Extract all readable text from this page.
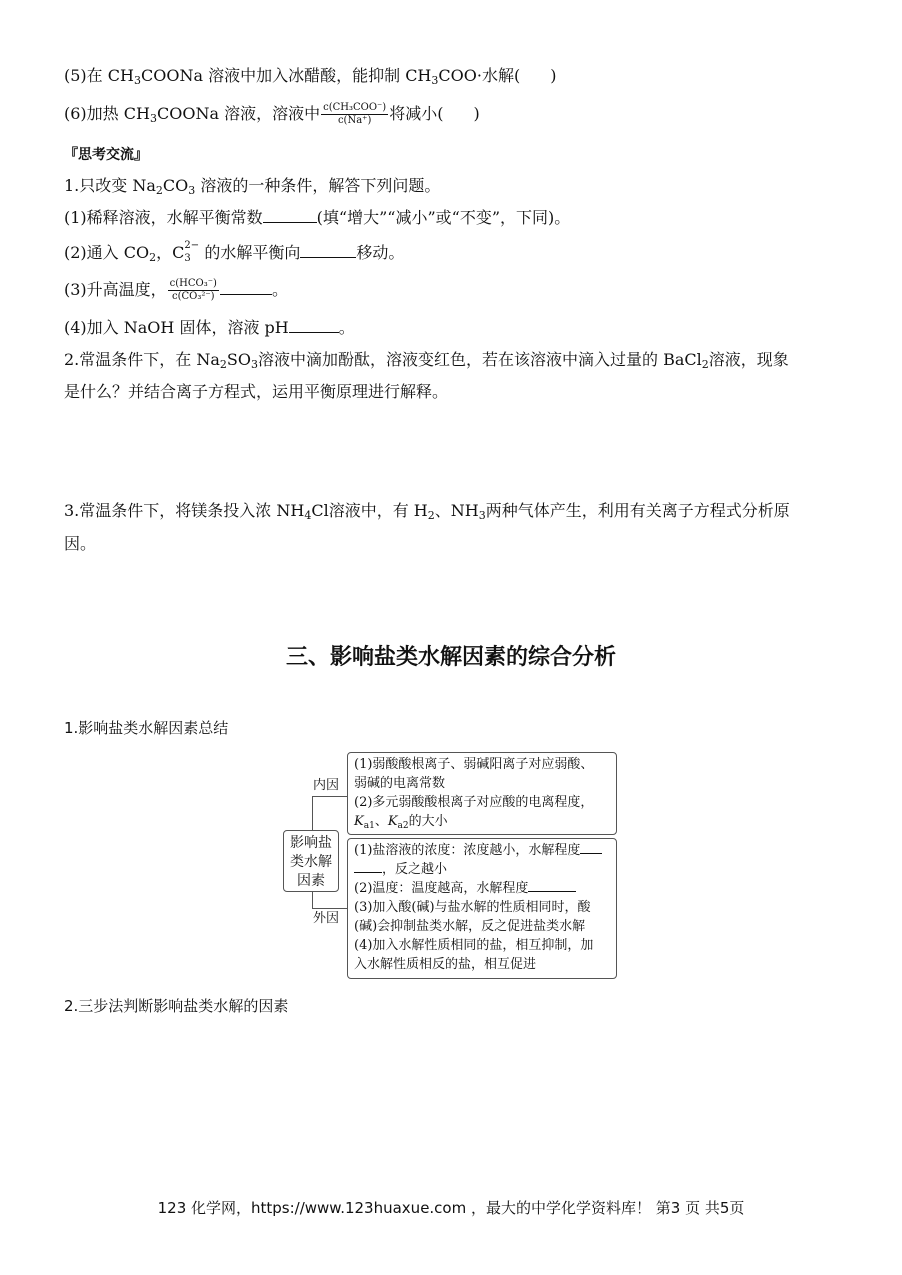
(5)在 $CH_3COONa$ 溶液中加入冰醋酸，能抑制 $CH_3COO\cdot$水解( )
(6)加热 $CH_3COONa$ 溶液，溶液中 $\frac{\text{c(CH₃COO⁻)}}{c(Na^+)}$ 将减小( )
『思考交流』
1.只改变 $Na_2CO_3$ 溶液的一种条件，解答下列问题。
(1)稀释溶液，水解平衡常数	(填“增大”“减小”或“不变”，下同)。
(2)通入 $CO_2$，C 2−
3 的水解平衡向	移动。
(3)升高温度， $\frac{\text{c(HCO₃⁻)}}{\text{c(CO₃²⁻)}}$	。
(4)加入 NaOH 固体，溶液 pH	。
2.常温条件下，在 $Na_2SO_3$溶液中滴加酚酞，溶液变红色，若在该溶液中滴入过量的 BaCl$_2$溶液，现象
是什么？并结合离子方程式，运用平衡原理进行解释。
3.常温条件下，将镁条投入浓 $NH_4Cl$溶液中，有 $H_2$、$NH_3$两种气体产生，利用有关离子方程式分析原
因。
三、影响盐类水解因素的综合分析
1.影响盐类水解因素总结
内因
外因
影响盐
类水解
因素
(1)弱酸酸根离子、弱碱阳离子对应弱酸、
弱碱的电离常数
(2)多元弱酸酸根离子对应酸的电离程度，
$K_{a1}$、$K_{a2}$的大小
(1)盐溶液的浓度：浓度越小，水解程度
，反之越小
(2)温度：温度越高，水解程度
(3)加入酸(碱)与盐水解的性质相同时，酸
(碱)会抑制盐类水解，反之促进盐类水解
(4)加入水解性质相同的盐，相互抑制，加
入水解性质相反的盐，相互促进
2.三步法判断影响盐类水解的因素
123 化学网，https://www.123huaxue.com ，最大的中学化学资料库！ 第3 页 共5页
